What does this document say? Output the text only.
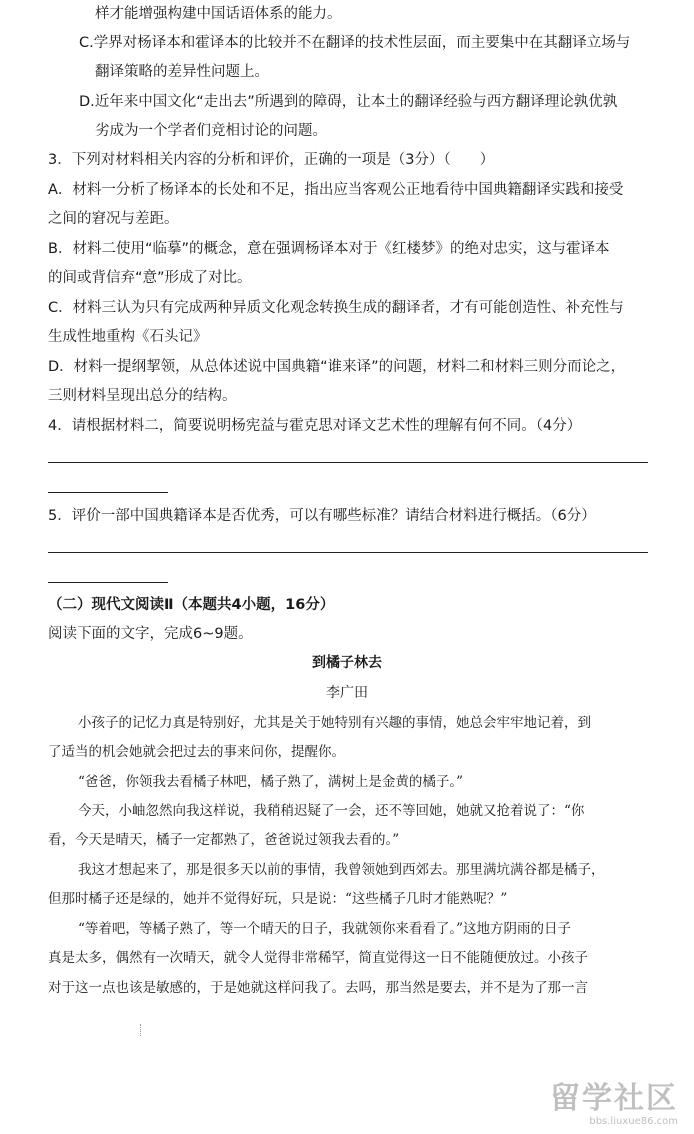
样才能增强构建中国话语体系的能力。
C.学界对杨译本和霍译本的比较并不在翻译的技术性层面，而主要集中在其翻译立场与
翻译策略的差异性问题上。
D.近年来中国文化“走出去”所遇到的障碍，让本土的翻译经验与西方翻译理论孰优孰
劣成为一个学者们竞相讨论的问题。
3．下列对材料相关内容的分析和评价，正确的一项是（3分）（　　）
A．材料一分析了杨译本的长处和不足，指出应当客观公正地看待中国典籍翻译实践和接受
之间的窘况与差距。
B．材料二使用“临摹”的概念，意在强调杨译本对于《红楼梦》的绝对忠实，这与霍译本
的间或背信弃“意”形成了对比。
C．材料三认为只有完成两种异质文化观念转换生成的翻译者，才有可能创造性、补充性与
生成性地重构《石头记》
D．材料一提纲挈领，从总体述说中国典籍“谁来译”的问题，材料二和材料三则分而论之，
三则材料呈现出总分的结构。
4．请根据材料二，简要说明杨宪益与霍克思对译文艺术性的理解有何不同。（4分）
5．评价一部中国典籍译本是否优秀，可以有哪些标准？请结合材料进行概括。（6分）
（二）现代文阅读Ⅱ（本题共4小题，16分）
阅读下面的文字，完成6~9题。
到橘子林去
李广田
小孩子的记忆力真是特别好，尤其是关于她特别有兴趣的事情，她总会牢牢地记着，到
了适当的机会她就会把过去的事来问你，提醒你。
“爸爸，你领我去看橘子林吧，橘子熟了，满树上是金黄的橘子。”
今天，小岫忽然向我这样说，我稍稍迟疑了一会，还不等回她，她就又抢着说了：“你
看，今天是晴天，橘子一定都熟了，爸爸说过领我去看的。”
我这才想起来了，那是很多天以前的事情，我曾领她到西郊去。那里满坑满谷都是橘子，
但那时橘子还是绿的，她并不觉得好玩，只是说：“这些橘子几时才能熟呢？”
“等着吧，等橘子熟了，等一个晴天的日子，我就领你来看看了。”这地方阴雨的日子
真是太多，偶然有一次晴天，就令人觉得非常稀罕，简直觉得这一日不能随便放过。小孩子
对于这一点也该是敏感的，于是她就这样问我了。去吗，那当然是要去，并不是为了那一言
留学社区
bbs.liuxue86.com
